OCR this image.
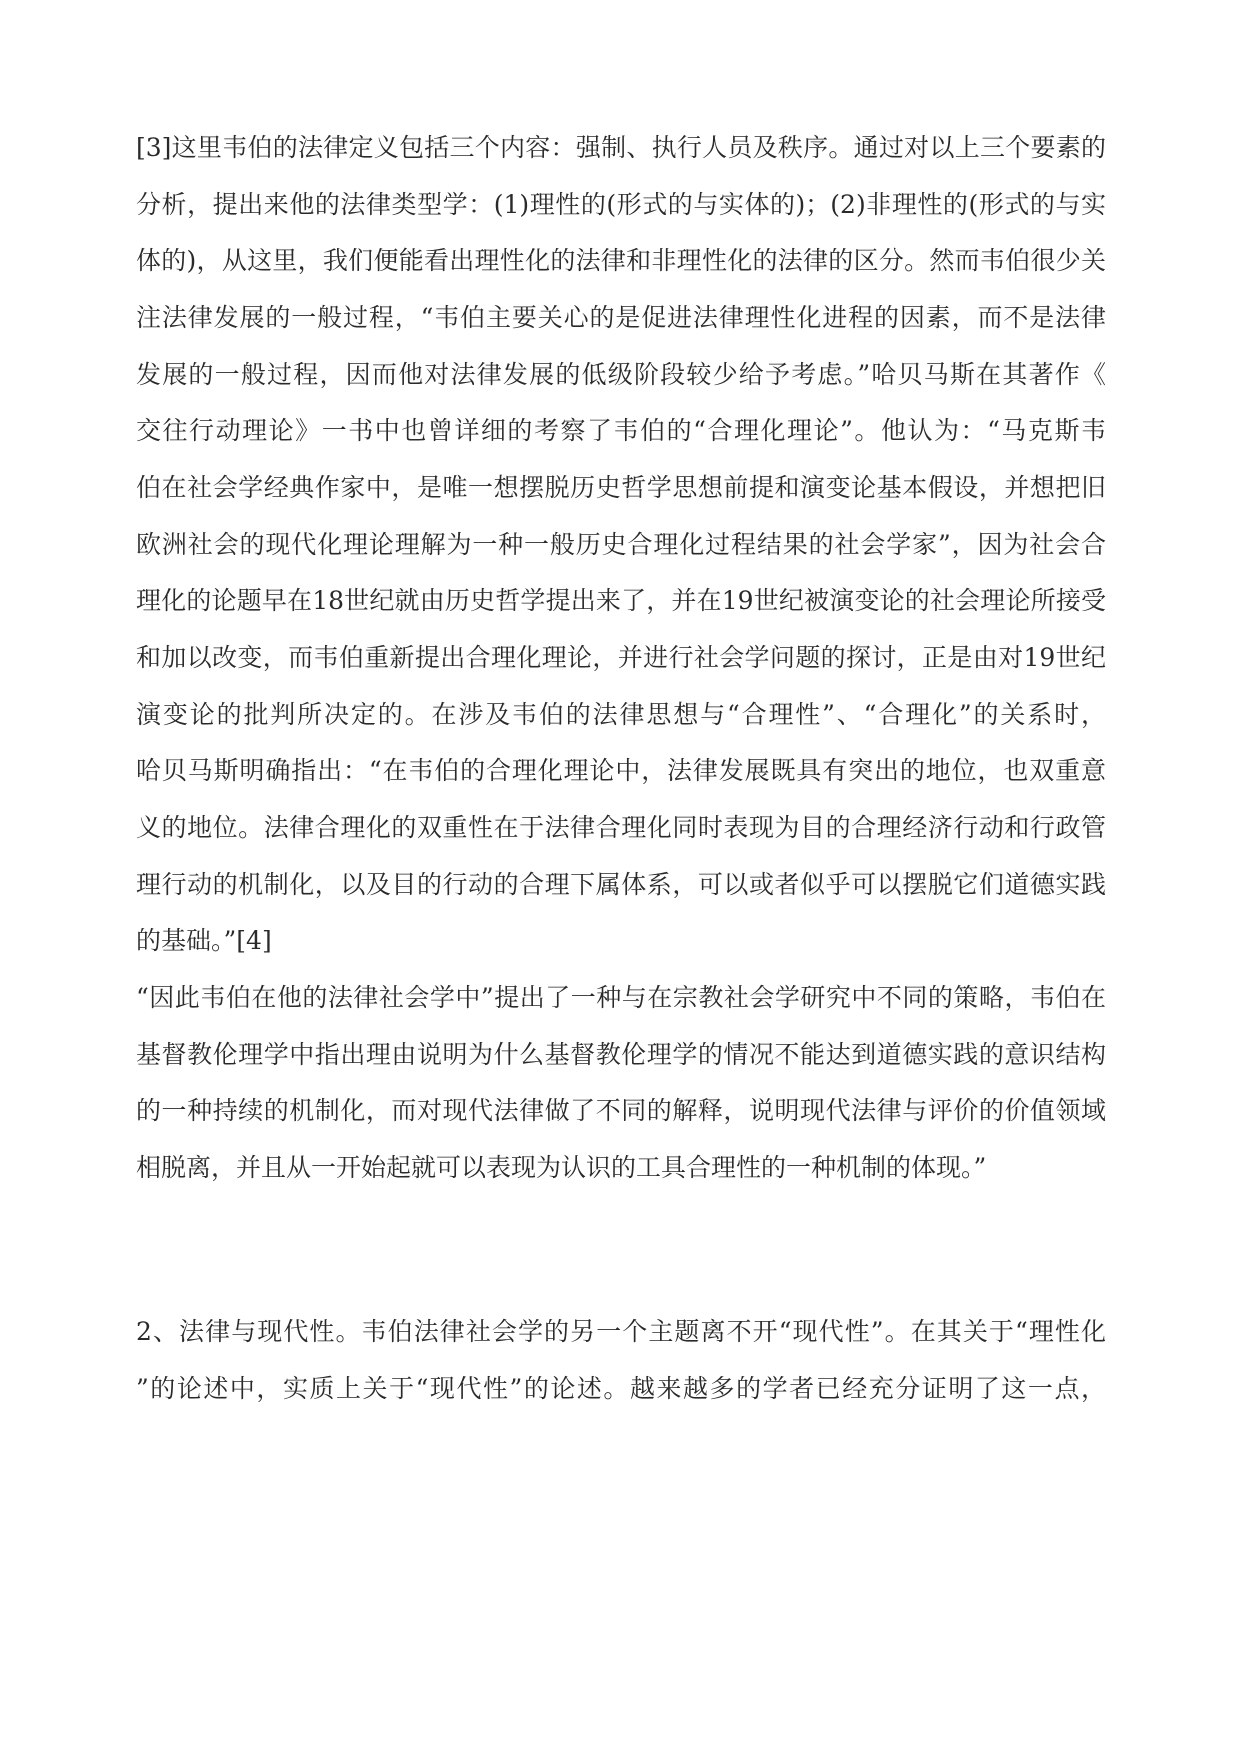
[3]这里韦伯的法律定义包括三个内容：强制、执行人员及秩序。通过对以上三个要素的
分析，提出来他的法律类型学：(1)理性的(形式的与实体的)；(2)非理性的(形式的与实
体的)，从这里，我们便能看出理性化的法律和非理性化的法律的区分。然而韦伯很少关
注法律发展的一般过程，“韦伯主要关心的是促进法律理性化进程的因素，而不是法律
发展的一般过程，因而他对法律发展的低级阶段较少给予考虑。”哈贝马斯在其著作《
交往行动理论》一书中也曾详细的考察了韦伯的“合理化理论”。他认为：“马克斯韦
伯在社会学经典作家中，是唯一想摆脱历史哲学思想前提和演变论基本假设，并想把旧
欧洲社会的现代化理论理解为一种一般历史合理化过程结果的社会学家”，因为社会合
理化的论题早在18世纪就由历史哲学提出来了，并在19世纪被演变论的社会理论所接受
和加以改变，而韦伯重新提出合理化理论，并进行社会学问题的探讨，正是由对19世纪
演变论的批判所决定的。在涉及韦伯的法律思想与“合理性”、“合理化”的关系时，
哈贝马斯明确指出：“在韦伯的合理化理论中，法律发展既具有突出的地位，也双重意
义的地位。法律合理化的双重性在于法律合理化同时表现为目的合理经济行动和行政管
理行动的机制化，以及目的行动的合理下属体系，可以或者似乎可以摆脱它们道德实践
的基础。”[4]
“因此韦伯在他的法律社会学中”提出了一种与在宗教社会学研究中不同的策略，韦伯在
基督教伦理学中指出理由说明为什么基督教伦理学的情况不能达到道德实践的意识结构
的一种持续的机制化，而对现代法律做了不同的解释，说明现代法律与评价的价值领域
相脱离，并且从一开始起就可以表现为认识的工具合理性的一种机制的体现。”
2、法律与现代性。韦伯法律社会学的另一个主题离不开“现代性”。在其关于“理性化
”的论述中，实质上关于“现代性”的论述。越来越多的学者已经充分证明了这一点，
